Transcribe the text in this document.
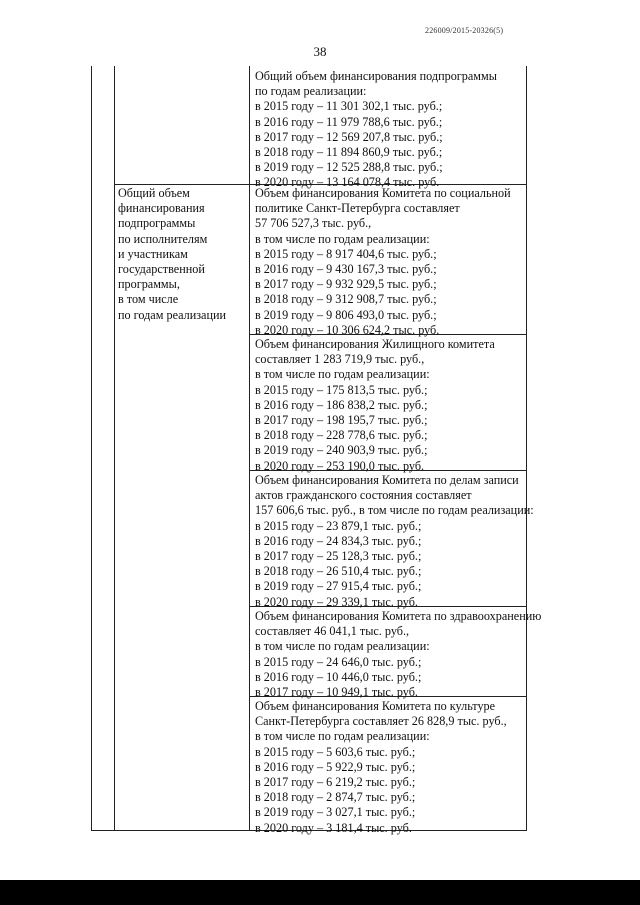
226009/2015-20326(5)
38
Общий объем
финансирования
подпрограммы
по исполнителям
и участникам
государственной
программы,
в том числе
по годам реализации
Общий объем финансирования подпрограммы
по годам реализации:
в 2015 году – 11 301 302,1 тыс. руб.;
в 2016 году – 11 979 788,6 тыс. руб.;
в 2017 году – 12 569 207,8 тыс. руб.;
в 2018 году – 11 894 860,9 тыс. руб.;
в 2019 году – 12 525 288,8 тыс. руб.;
в 2020 году – 13 164 078,4 тыс. руб.
Объем финансирования Комитета по социальной
политике Санкт-Петербурга составляет
57 706 527,3 тыс. руб.,
в том числе по годам реализации:
в 2015 году – 8 917 404,6 тыс. руб.;
в 2016 году – 9 430 167,3 тыс. руб.;
в 2017 году – 9 932 929,5 тыс. руб.;
в 2018 году – 9 312 908,7 тыс. руб.;
в 2019 году – 9 806 493,0 тыс. руб.;
в 2020 году – 10 306 624,2 тыс. руб.
Объем финансирования Жилищного комитета
составляет 1 283 719,9 тыс. руб.,
в том числе по годам реализации:
в 2015 году – 175 813,5 тыс. руб.;
в 2016 году – 186 838,2 тыс. руб.;
в 2017 году – 198 195,7 тыс. руб.;
в 2018 году – 228 778,6 тыс. руб.;
в 2019 году – 240 903,9 тыс. руб.;
в 2020 году – 253 190,0 тыс. руб.
Объем финансирования Комитета по делам записи
актов гражданского состояния составляет
157 606,6 тыс. руб., в том числе по годам реализации:
в 2015 году – 23 879,1 тыс. руб.;
в 2016 году – 24 834,3 тыс. руб.;
в 2017 году – 25 128,3 тыс. руб.;
в 2018 году – 26 510,4 тыс. руб.;
в 2019 году – 27 915,4 тыс. руб.;
в 2020 году – 29 339,1 тыс. руб.
Объем финансирования Комитета по здравоохранению
составляет 46 041,1 тыс. руб.,
в том числе по годам реализации:
в 2015 году – 24 646,0 тыс. руб.;
в 2016 году – 10 446,0 тыс. руб.;
в 2017 году – 10 949,1 тыс. руб.
Объем финансирования Комитета по культуре
Санкт-Петербурга составляет 26 828,9 тыс. руб.,
в том числе по годам реализации:
в 2015 году – 5 603,6 тыс. руб.;
в 2016 году – 5 922,9 тыс. руб.;
в 2017 году – 6 219,2 тыс. руб.;
в 2018 году – 2 874,7 тыс. руб.;
в 2019 году – 3 027,1 тыс. руб.;
в 2020 году – 3 181,4 тыс. руб.
